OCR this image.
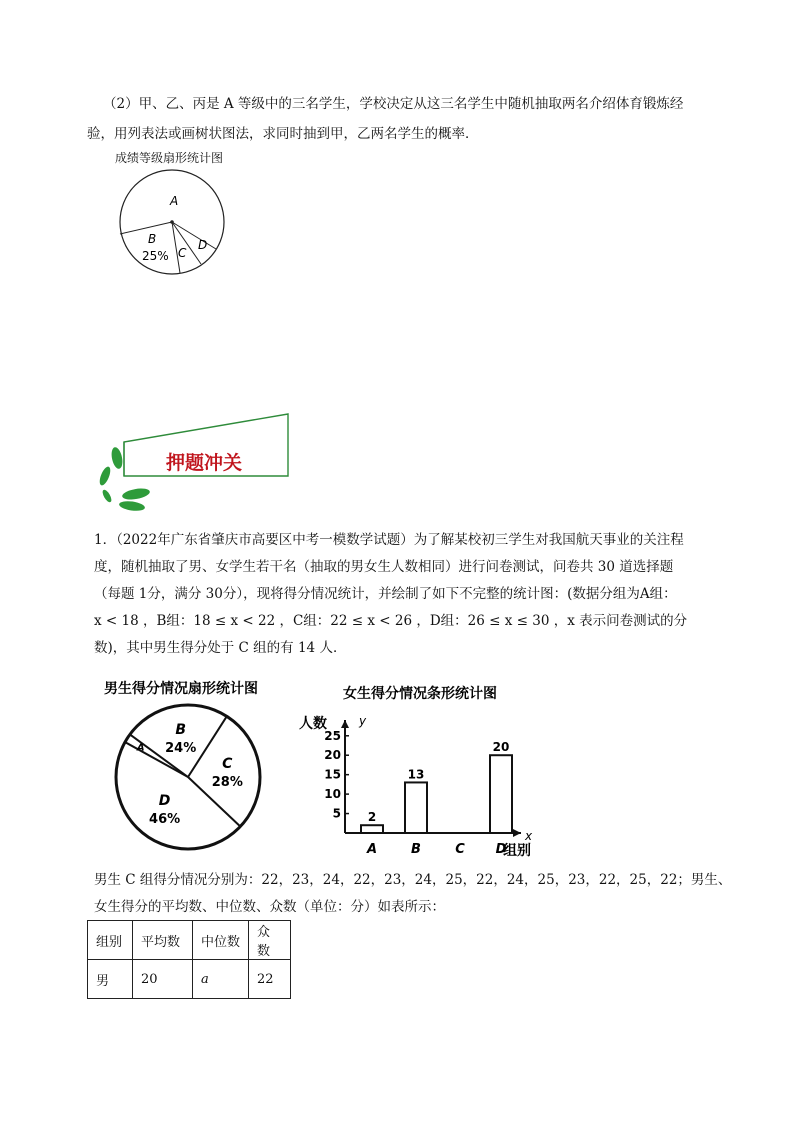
（2）甲、乙、丙是 A 等级中的三名学生，学校决定从这三名学生中随机抽取两名介绍体育锻炼经
验，用列表法或画树状图法，求同时抽到甲，乙两名学生的概率．
成绩等级扇形统计图
A
B
25% C
D
押题冲关
1．（2022年广东省肇庆市高要区中考一模数学试题）为了解某校初三学生对我国航天事业的关注程
度，随机抽取了男、女学生若干名（抽取的男女生人数相同）进行问卷测试，问卷共 30 道选择题
（每题 1分，满分 30分），现将得分情况统计，并绘制了如下不完整的统计图：(数据分组为A组：
x < 18 ，B组：18 ≤ x < 22 ，C组：22 ≤ x < 26 ，D组：26 ≤ x ≤ 30 ，x 表示问卷测试的分
数)，其中男生得分处于 C 组的有 14 人．
男生得分情况扇形统计图
A
B
24%
C
28%
D
46%
女生得分情况条形统计图
人数	y
x
组别
5
10
15
20
25
2
A
13
B	C
20
D
男生 C 组得分情况分别为：22，23，24，22，23，24，25，22，24，25，23，22，25，22；男生、
女生得分的平均数、中位数、众数（单位：分）如表所示：
组别	平均数	中位数	众数
男	20	a	22
